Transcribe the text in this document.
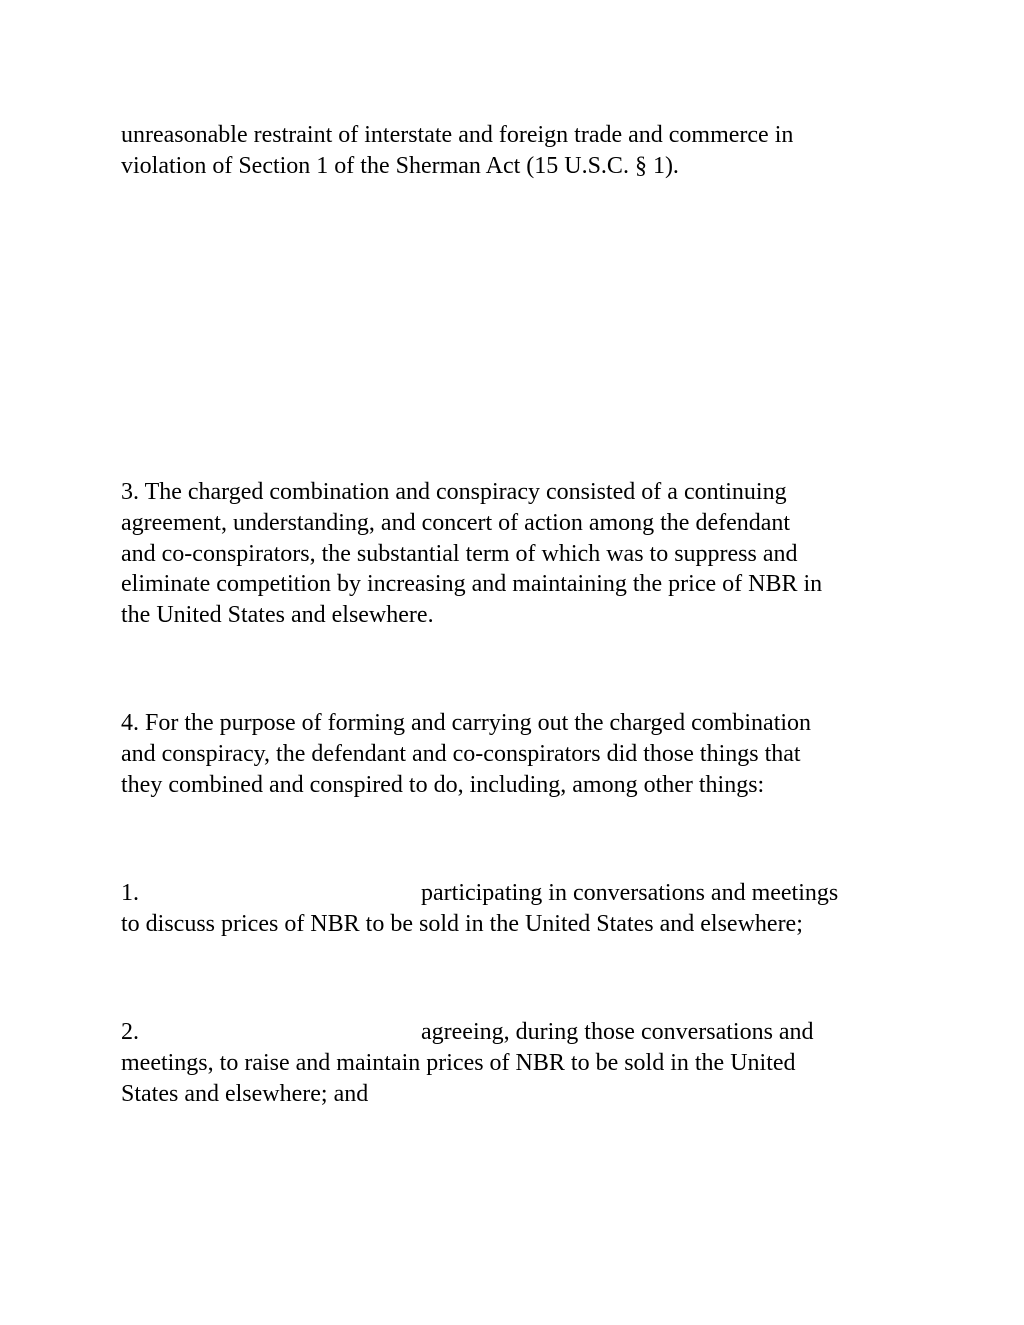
unreasonable restraint of interstate and foreign trade and commerce in
violation of Section 1 of the Sherman Act (15 U.S.C. § 1).

3. The charged combination and conspiracy consisted of a continuing
agreement, understanding, and concert of action among the defendant
and co-conspirators, the substantial term of which was to suppress and
eliminate competition by increasing and maintaining the price of NBR in
the United States and elsewhere.

4. For the purpose of forming and carrying out the charged combination
and conspiracy, the defendant and co-conspirators did those things that
they combined and conspired to do, including, among other things:

1.	participating in conversations and meetings
to discuss prices of NBR to be sold in the United States and elsewhere;
2.	agreeing, during those conversations and
meetings, to raise and maintain prices of NBR to be sold in the United
States and elsewhere; and
